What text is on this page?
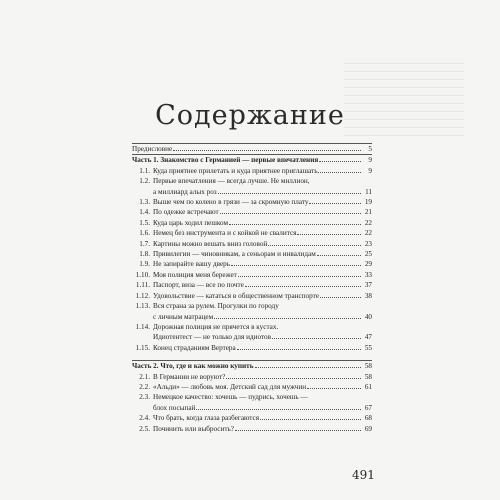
Содержание
Предисловие	5
Часть 1. Знакомство с Германией — первые впечатления	9
1.1. Куда приятнее прилетать и куда приятнее приглашать	9
1.2. Первые впечатления — всегда лучше. Не миллион,
а миллиард алых роз	11
1.3. Выше чем по колено в грязи — за скромную плату	19
1.4. По одежке встречают	21
1.5. Куда царь ходил пешком	22
1.6. Немец без инструмента и с койкой не свалится	22
1.7. Картины можно вешать вниз головой	23
1.8. Привилегии — чиновникам, а сеньорам и инвалидам	25
1.9. Не запирайте вашу дверь	29
1.10. Моя полиция меня бережет	33
1.11. Паспорт, виза — все по почте	37
1.12. Удовольствие — кататься в общественном транспорте	38
1.13. Вся страна за рулем. Прогулки по городу
с личным матрацем	40
1.14. Дорожная полиция не прячется в кустах.
Идиотентест — не только для идиотов	47
1.15. Конец страданиям Вертера	55
Часть 2. Что, где и как можно купить	58
2.1. В Германии не воруют?	58
2.2. «Альди» — любовь моя. Детский сад для мужчин	61
2.3. Немецкое качество: хочешь — пудрись, хочешь —
блох посыпай	67
2.4. Что брать, когда глаза разбегаются	68
2.5. Починить или выбросить?	69
491
